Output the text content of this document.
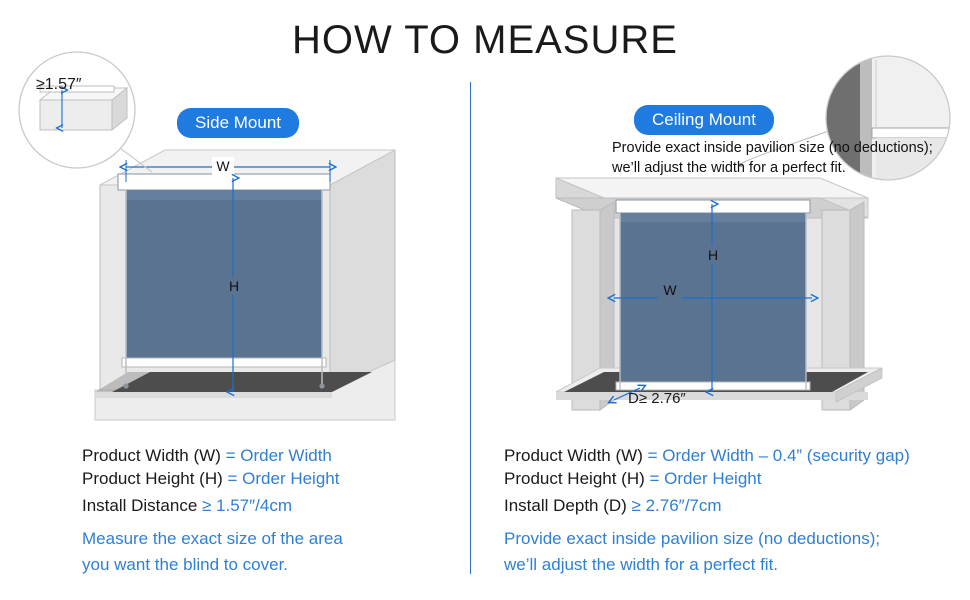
HOW TO MEASURE
W
H
H
W
Side Mount	Ceiling Mount
≥1.57″
Provide exact inside pavilion size (no deductions);
we’ll adjust the width for a perfect fit.
D≥ 2.76″
Product Width (W) = Order Width
Product Height (H) = Order Height
Install Distance ≥ 1.57″/4cm
Measure the exact size of the area
you want the blind to cover.
Product Width (W) = Order Width – 0.4” (security gap)
Product Height (H) = Order Height
Install Depth (D) ≥ 2.76″/7cm
Provide exact inside pavilion size (no deductions);
we’ll adjust the width for a perfect fit.
